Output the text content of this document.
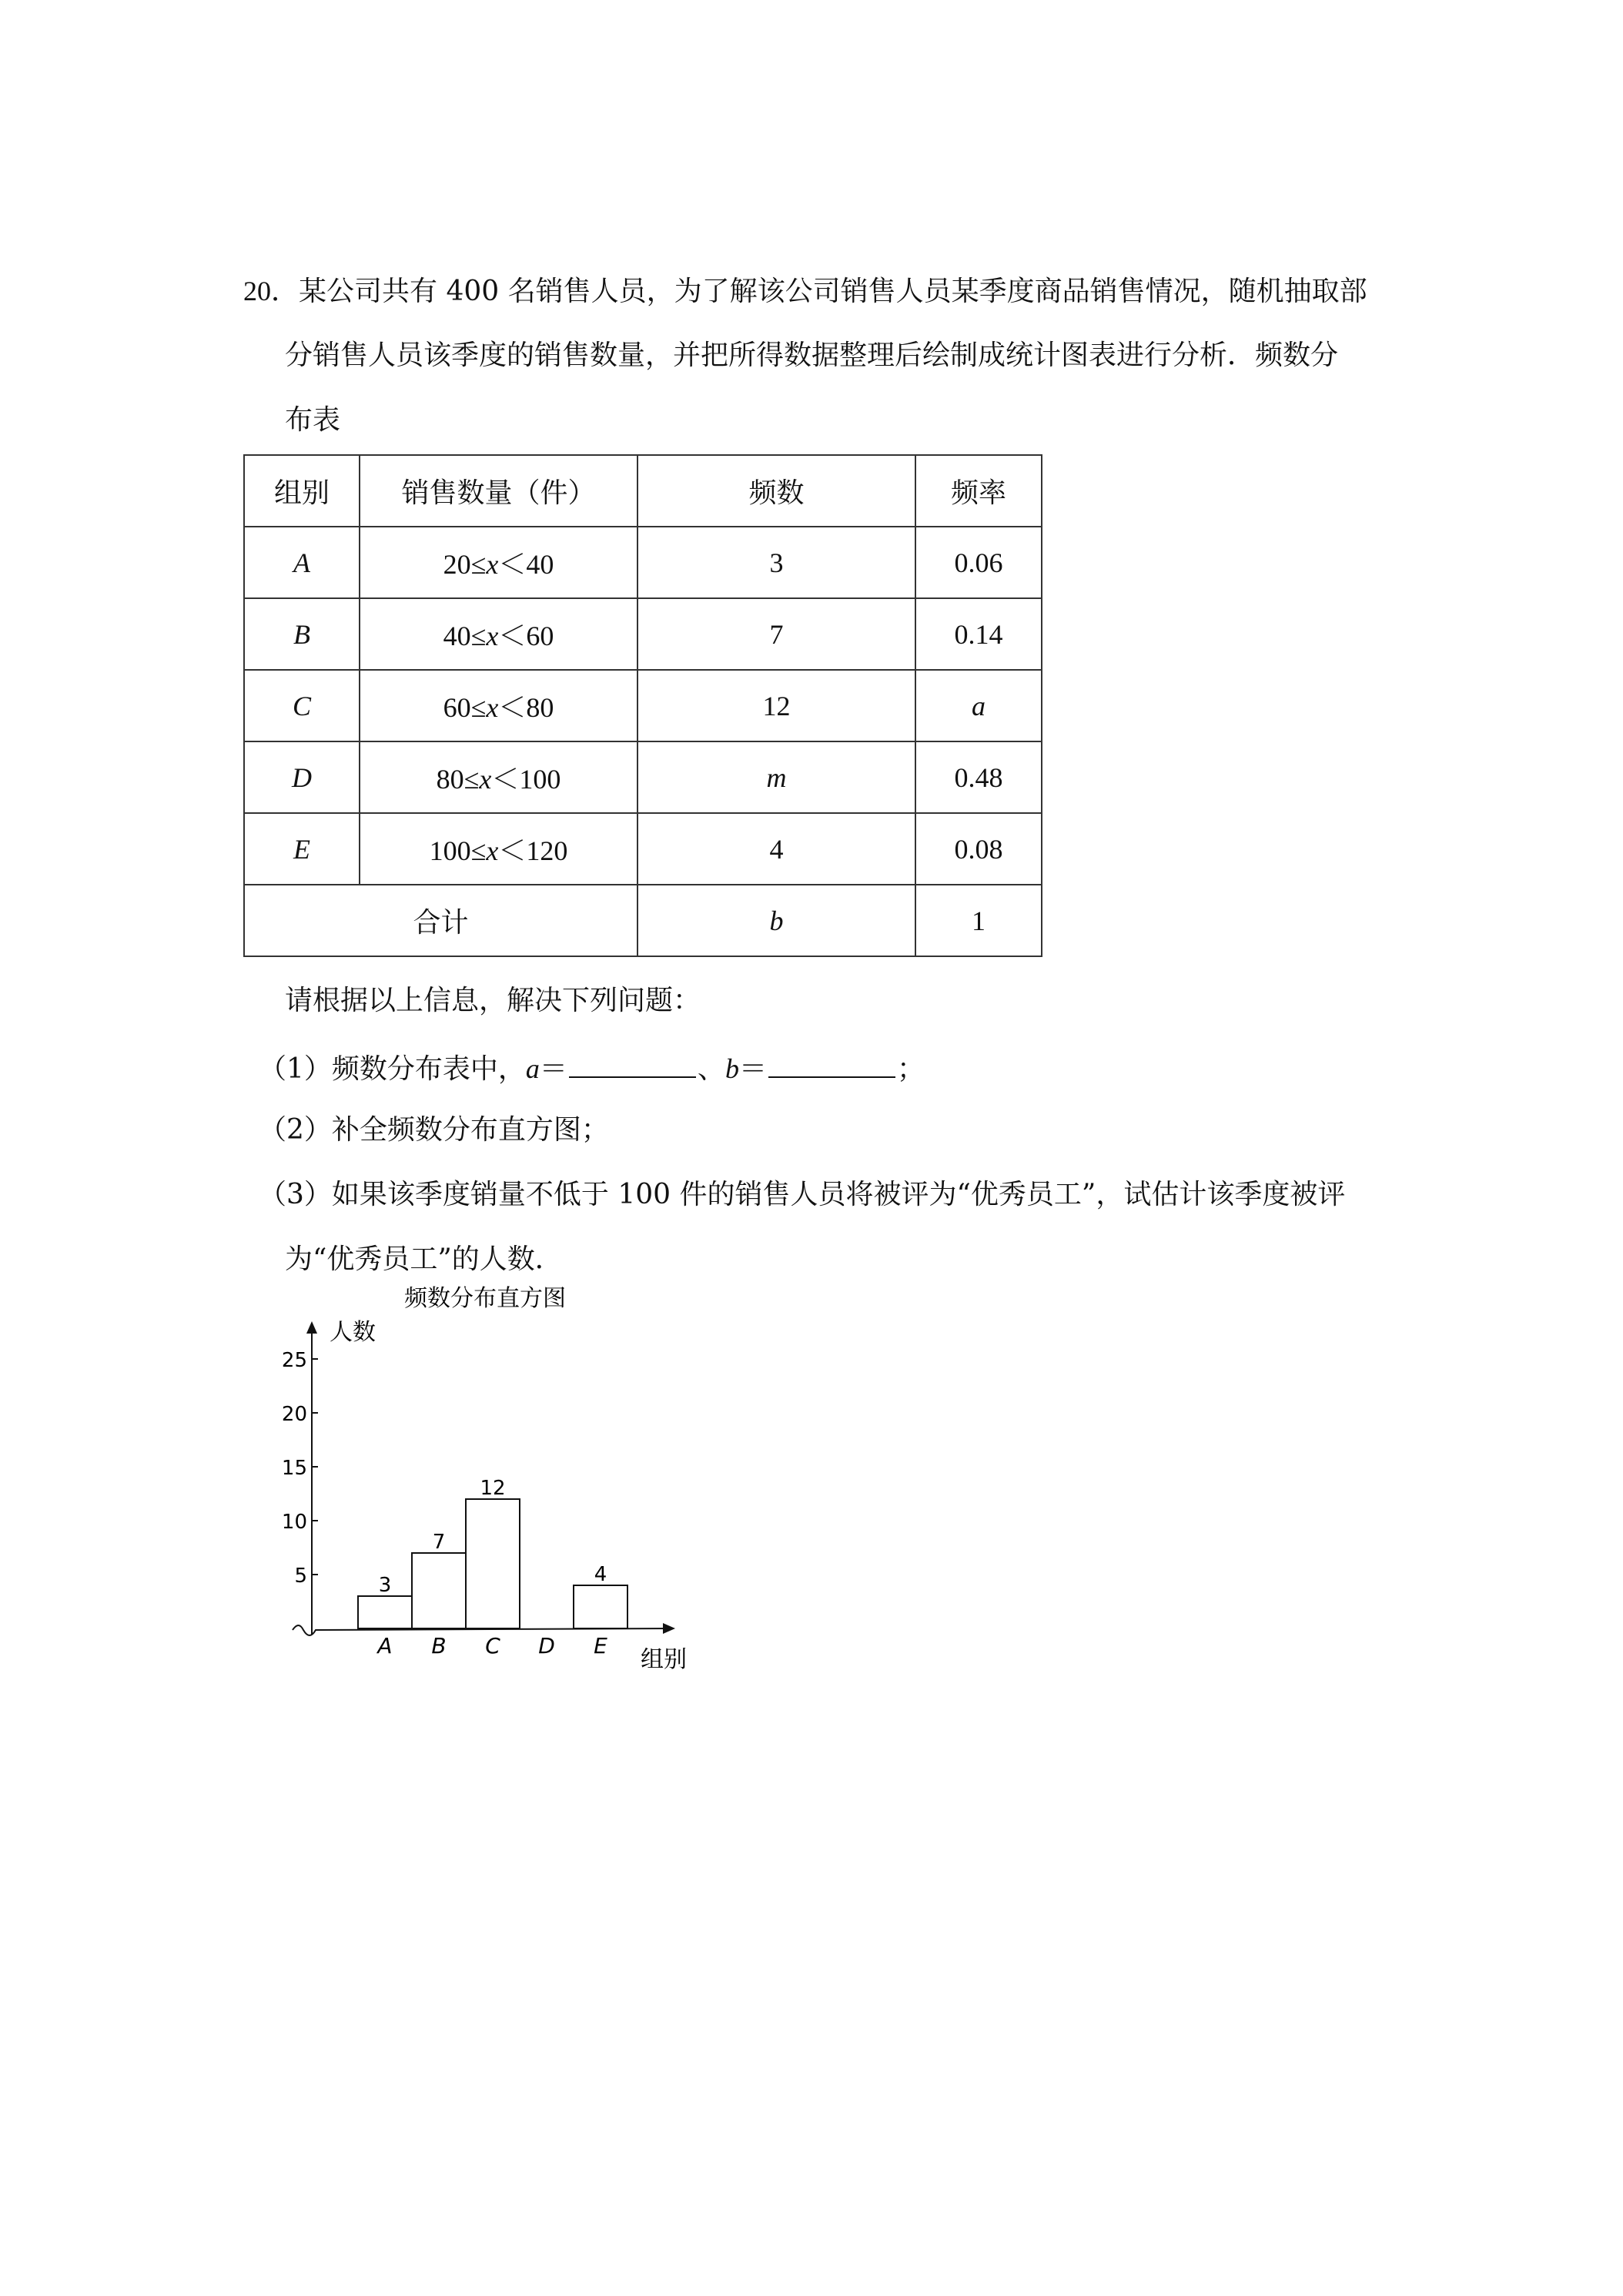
20．某公司共有 400 名销售人员，为了解该公司销售人员某季度商品销售情况，随机抽取部
分销售人员该季度的销售数量，并把所得数据整理后绘制成统计图表进行分析．频数分
布表
组别	销售数量（件）	频数	频率
A	20≤x＜40	3	0.06
B	40≤x＜60	7	0.14
C	60≤x＜80	12	a
D	80≤x＜100	m	0.48
E	100≤x＜120	4	0.08
合计		b	1
请根据以上信息，解决下列问题：
（1）频数分布表中，a＝	、b＝	；
（2）补全频数分布直方图；
（3）如果该季度销量不低于 100 件的销售人员将被评为“优秀员工”，试估计该季度被评
为“优秀员工”的人数．
频数分布直方图
人数
组别
5
10
15
20
25
A B C D E
3
7
12
4
